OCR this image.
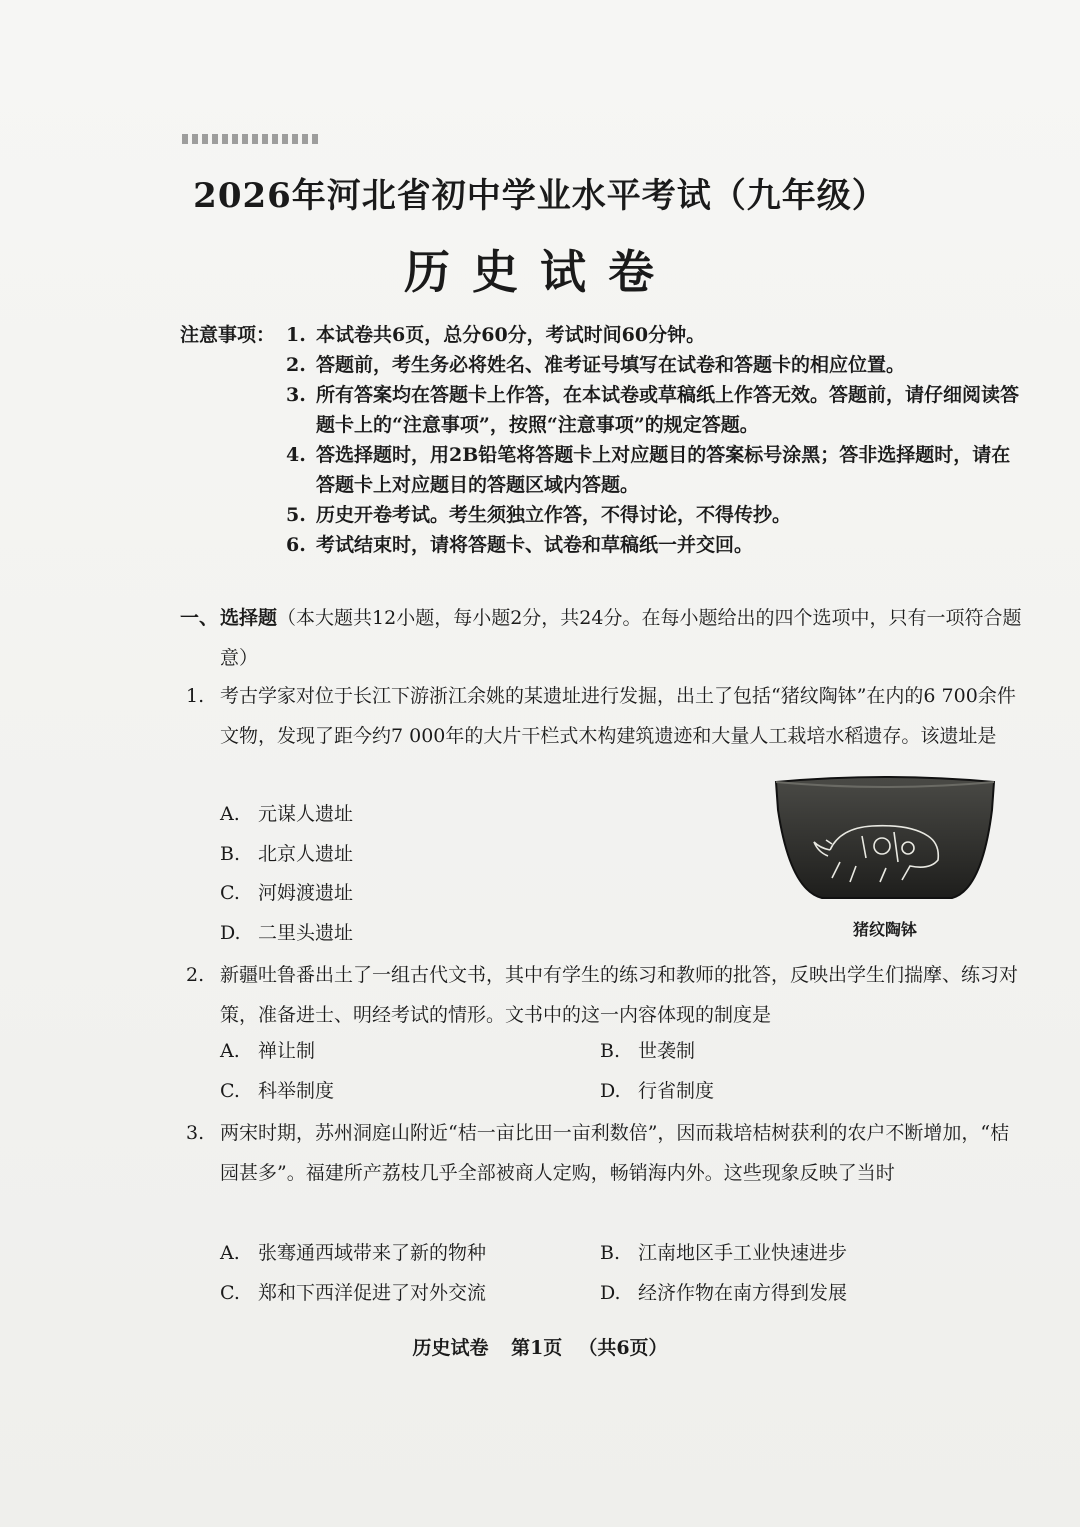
2026年河北省初中学业水平考试（九年级）
历史试卷
注意事项： 1. 本试卷共6页，总分60分，考试时间60分钟。
2. 答题前，考生务必将姓名、准考证号填写在试卷和答题卡的相应位置。
3. 所有答案均在答题卡上作答，在本试卷或草稿纸上作答无效。答题前，请仔细阅读答题卡上的“注意事项”，按照“注意事项”的规定答题。
4. 答选择题时，用2B铅笔将答题卡上对应题目的答案标号涂黑；答非选择题时，请在答题卡上对应题目的答题区域内答题。
5. 历史开卷考试。考生须独立作答，不得讨论，不得传抄。
6. 考试结束时，请将答题卡、试卷和草稿纸一并交回。
一、 选择题（本大题共12小题，每小题2分，共24分。在每小题给出的四个选项中，只有一项符合题意）
1. 考古学家对位于长江下游浙江余姚的某遗址进行发掘，出土了包括“猪纹陶钵”在内的6 700余件文物，发现了距今约7 000年的大片干栏式木构建筑遗迹和大量人工栽培水稻遗存。该遗址是
A. 元谋人遗址
B. 北京人遗址
C. 河姆渡遗址
D. 二里头遗址	猪纹陶钵
2. 新疆吐鲁番出土了一组古代文书，其中有学生的练习和教师的批答，反映出学生们揣摩、练习对策，准备进士、明经考试的情形。文书中的这一内容体现的制度是
A. 禅让制	B. 世袭制
C. 科举制度	D. 行省制度
3. 两宋时期，苏州洞庭山附近“桔一亩比田一亩利数倍”，因而栽培桔树获利的农户不断增加，“桔园甚多”。福建所产荔枝几乎全部被商人定购，畅销海内外。这些现象反映了当时
A. 张骞通西域带来了新的物种	B. 江南地区手工业快速进步
C. 郑和下西洋促进了对外交流	D. 经济作物在南方得到发展
历史试卷 第1页 （共6页）
